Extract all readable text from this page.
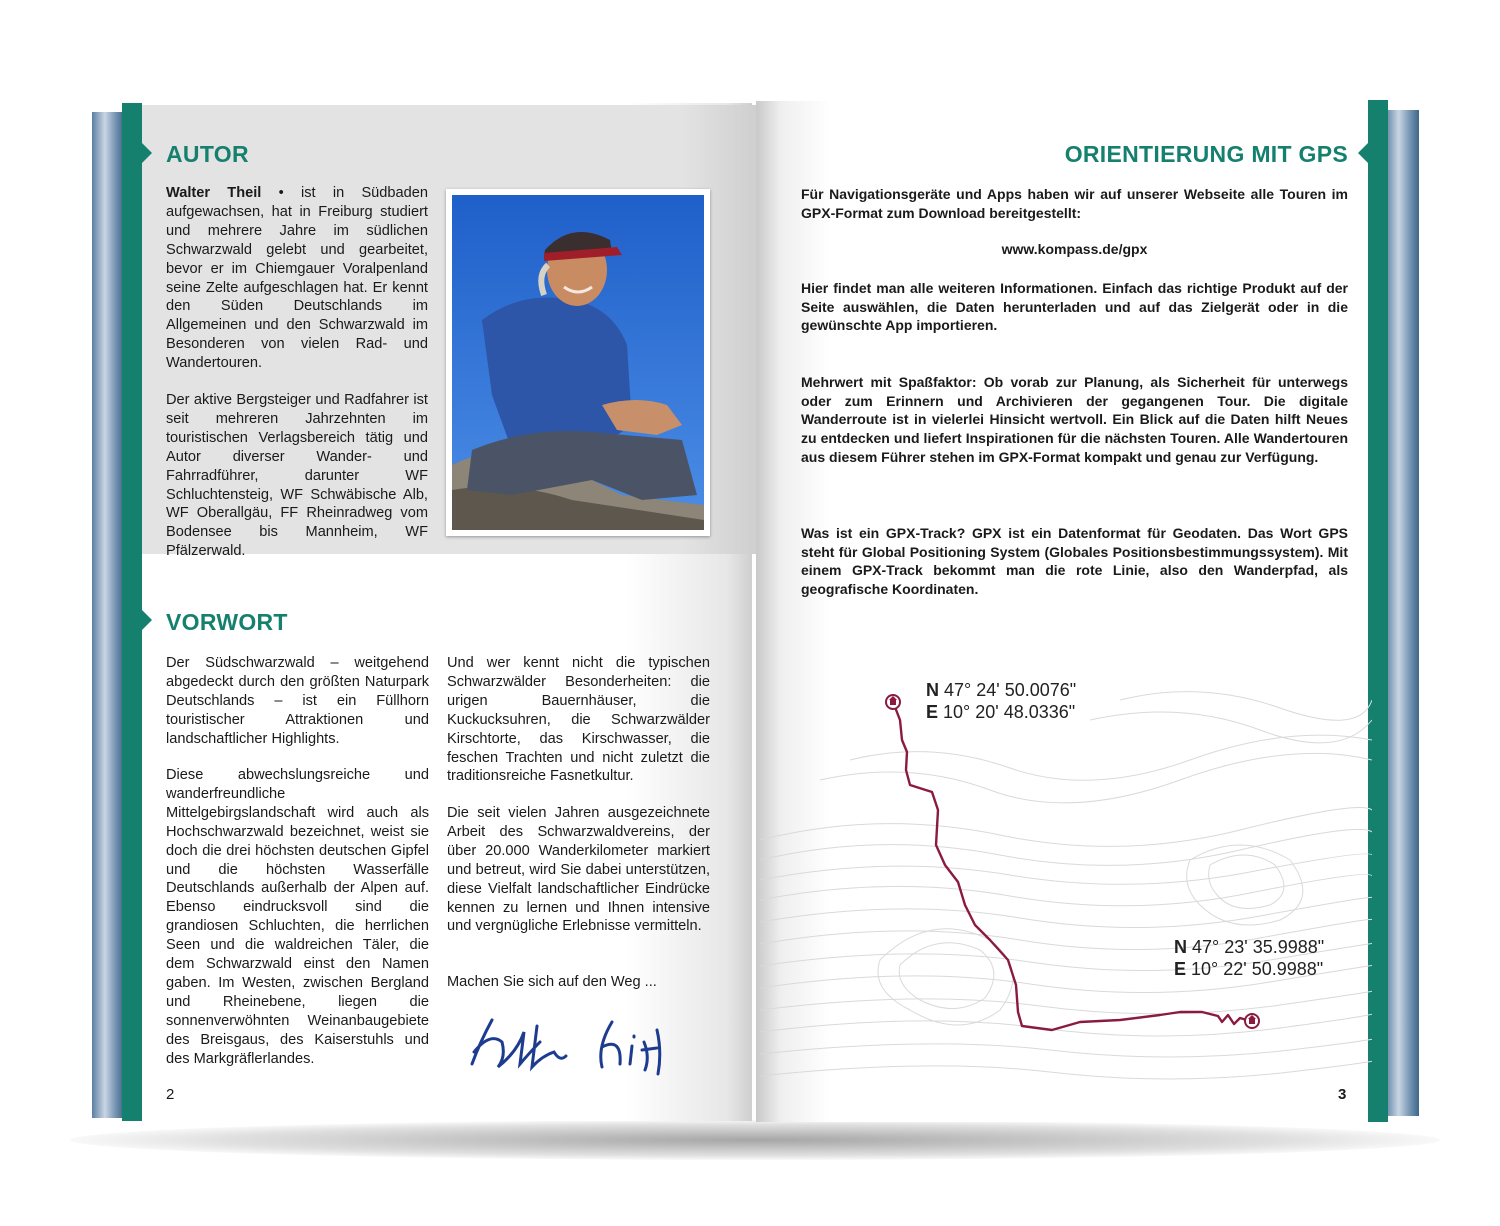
AUTOR

Walter Theil • ist in Südbaden aufgewachsen, hat in Freiburg studiert und mehrere Jahre im südlichen Schwarzwald gelebt und gearbeitet, bevor er im Chiemgauer Voralpenland seine Zelte aufgeschlagen hat. Er kennt den Süden Deutschlands im Allgemeinen und den Schwarzwald im Besonderen von vielen Rad- und Wandertouren.

Der aktive Bergsteiger und Radfahrer ist seit mehreren Jahrzehnten im touristischen Verlagsbereich tätig und Autor diverser Wander- und Fahrradführer, darunter WF Schluchtensteig, WF Schwäbische Alb, WF Oberallgäu, FF Rheinradweg vom Bodensee bis Mannheim, WF Pfälzerwald.

VORWORT

Der Südschwarzwald – weitgehend abgedeckt durch den größten Naturpark Deutschlands – ist ein Füllhorn touristischer Attraktionen und landschaftlicher Highlights.

Diese abwechslungsreiche und wanderfreundliche Mittelgebirgslandschaft wird auch als Hochschwarzwald bezeichnet, weist sie doch die drei höchsten deutschen Gipfel und die höchsten Wasserfälle Deutschlands außerhalb der Alpen auf. Ebenso eindrucksvoll sind die grandiosen Schluchten, die herrlichen Seen und die waldreichen Täler, die dem Schwarzwald einst den Namen gaben. Im Westen, zwischen Bergland und Rheinebene, liegen die sonnenverwöhnten Weinanbaugebiete des Breisgaus, des Kaiserstuhls und des Markgräflerlandes.

Und wer kennt nicht die typischen Schwarzwälder Besonderheiten: die urigen Bauernhäuser, die Kuckucksuhren, die Schwarzwälder Kirschtorte, das Kirschwasser, die feschen Trachten und nicht zuletzt die traditionsreiche Fasnetkultur.

Die seit vielen Jahren ausgezeichnete Arbeit des Schwarzwaldvereins, der über 20.000 Wanderkilometer markiert und betreut, wird Sie dabei unterstützen, diese Vielfalt landschaftlicher Eindrücke kennen zu lernen und Ihnen intensive und vergnügliche Erlebnisse vermitteln.

Machen Sie sich auf den Weg ...

2
ORIENTIERUNG MIT GPS

Für Navigationsgeräte und Apps haben wir auf unserer Webseite alle Touren im GPX-Format zum Download bereitgestellt:

www.kompass.de/gpx

Hier findet man alle weiteren Informationen. Einfach das richtige Produkt auf der Seite auswählen, die Daten herunterladen und auf das Zielgerät oder in die gewünschte App importieren.

Mehrwert mit Spaßfaktor: Ob vorab zur Planung, als Sicherheit für unterwegs oder zum Erinnern und Archivieren der gegangenen Tour. Die digitale Wanderroute ist in vielerlei Hinsicht wertvoll. Ein Blick auf die Daten hilft Neues zu entdecken und liefert Inspirationen für die nächsten Touren. Alle Wandertouren aus diesem Führer stehen im GPX-Format kompakt und genau zur Verfügung.

Was ist ein GPX-Track? GPX ist ein Datenformat für Geodaten. Das Wort GPS steht für Global Positioning System (Globales Positionsbestimmungssystem). Mit einem GPX-Track bekommt man die rote Linie, also den Wanderpfad, als geografische Koordinaten.

N 47° 24' 50.0076"
E 10° 20' 48.0336"
N 47° 23' 35.9988"
E 10° 22' 50.9988"
3
